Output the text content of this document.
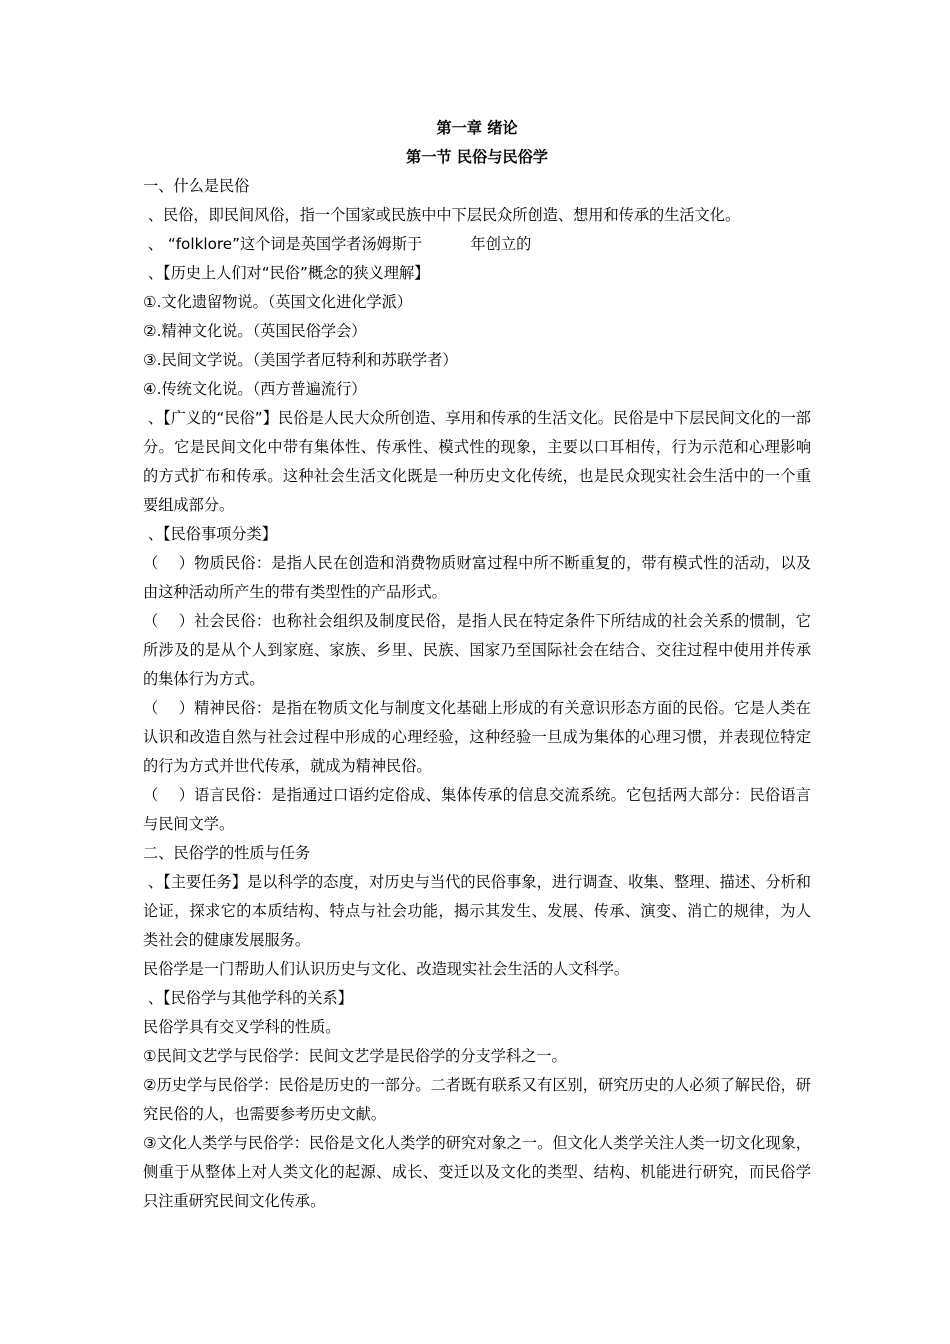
第一章 绪论

第一节 民俗与民俗学

一、什么是民俗

、民俗，即民间风俗，指一个国家或民族中中下层民众所创造、想用和传承的生活文化。

、 “folklore”这个词是英国学者汤姆斯于          年创立的

、【历史上人们对“民俗”概念的狭义理解】

①.文化遗留物说。（英国文化进化学派）

②.精神文化说。（英国民俗学会）

③.民间文学说。（美国学者厄特利和苏联学者）

④.传统文化说。（西方普遍流行）

、【广义的“民俗”】民俗是人民大众所创造、享用和传承的生活文化。民俗是中下层民间文化的一部分。它是民间文化中带有集体性、传承性、模式性的现象，主要以口耳相传，行为示范和心理影响的方式扩布和传承。这种社会生活文化既是一种历史文化传统，也是民众现实社会生活中的一个重要组成部分。

、【民俗事项分类】

（    ）物质民俗：是指人民在创造和消费物质财富过程中所不断重复的，带有模式性的活动，以及由这种活动所产生的带有类型性的产品形式。

（    ）社会民俗：也称社会组织及制度民俗，是指人民在特定条件下所结成的社会关系的惯制，它所涉及的是从个人到家庭、家族、乡里、民族、国家乃至国际社会在结合、交往过程中使用并传承的集体行为方式。

（    ）精神民俗：是指在物质文化与制度文化基础上形成的有关意识形态方面的民俗。它是人类在认识和改造自然与社会过程中形成的心理经验，这种经验一旦成为集体的心理习惯，并表现位特定的行为方式并世代传承，就成为精神民俗。

（    ）语言民俗：是指通过口语约定俗成、集体传承的信息交流系统。它包括两大部分：民俗语言与民间文学。

二、民俗学的性质与任务

、【主要任务】是以科学的态度，对历史与当代的民俗事象，进行调查、收集、整理、描述、分析和论证，探求它的本质结构、特点与社会功能，揭示其发生、发展、传承、演变、消亡的规律，为人类社会的健康发展服务。

民俗学是一门帮助人们认识历史与文化、改造现实社会生活的人文科学。

、【民俗学与其他学科的关系】

民俗学具有交叉学科的性质。

①民间文艺学与民俗学：民间文艺学是民俗学的分支学科之一。

②历史学与民俗学：民俗是历史的一部分。二者既有联系又有区别，研究历史的人必须了解民俗，研究民俗的人，也需要参考历史文献。

③文化人类学与民俗学：民俗是文化人类学的研究对象之一。但文化人类学关注人类一切文化现象，侧重于从整体上对人类文化的起源、成长、变迁以及文化的类型、结构、机能进行研究，而民俗学只注重研究民间文化传承。
